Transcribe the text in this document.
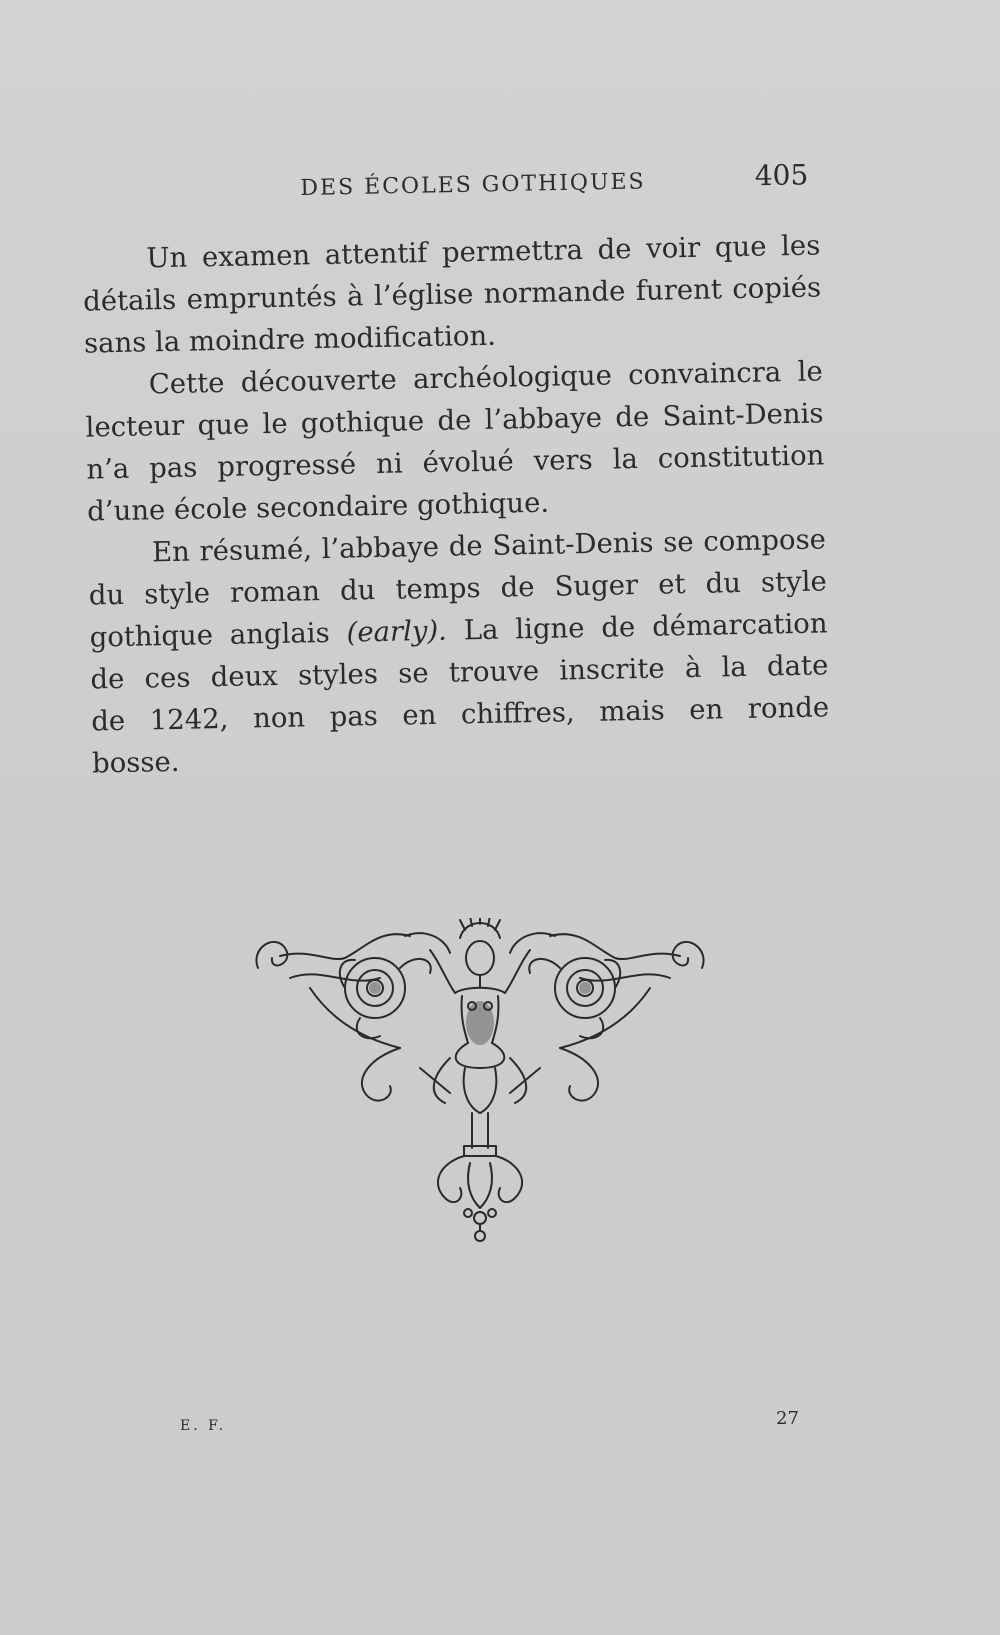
DES ÉCOLES GOTHIQUES	405

Un examen attentif permettra de voir que les
détails empruntés à l’église normande furent copiés
sans la moindre modification.

Cette découverte archéologique convaincra le
lecteur que le gothique de l’abbaye de Saint-Denis
n’a pas progressé ni évolué vers la constitution
d’une école secondaire gothique.

En résumé, l’abbaye de Saint-Denis se compose
du style roman du temps de Suger et du style
gothique anglais (early). La ligne de démarcation
de ces deux styles se trouve inscrite à la date
de 1242, non pas en chiffres, mais en ronde
bosse.

E. F.	27
